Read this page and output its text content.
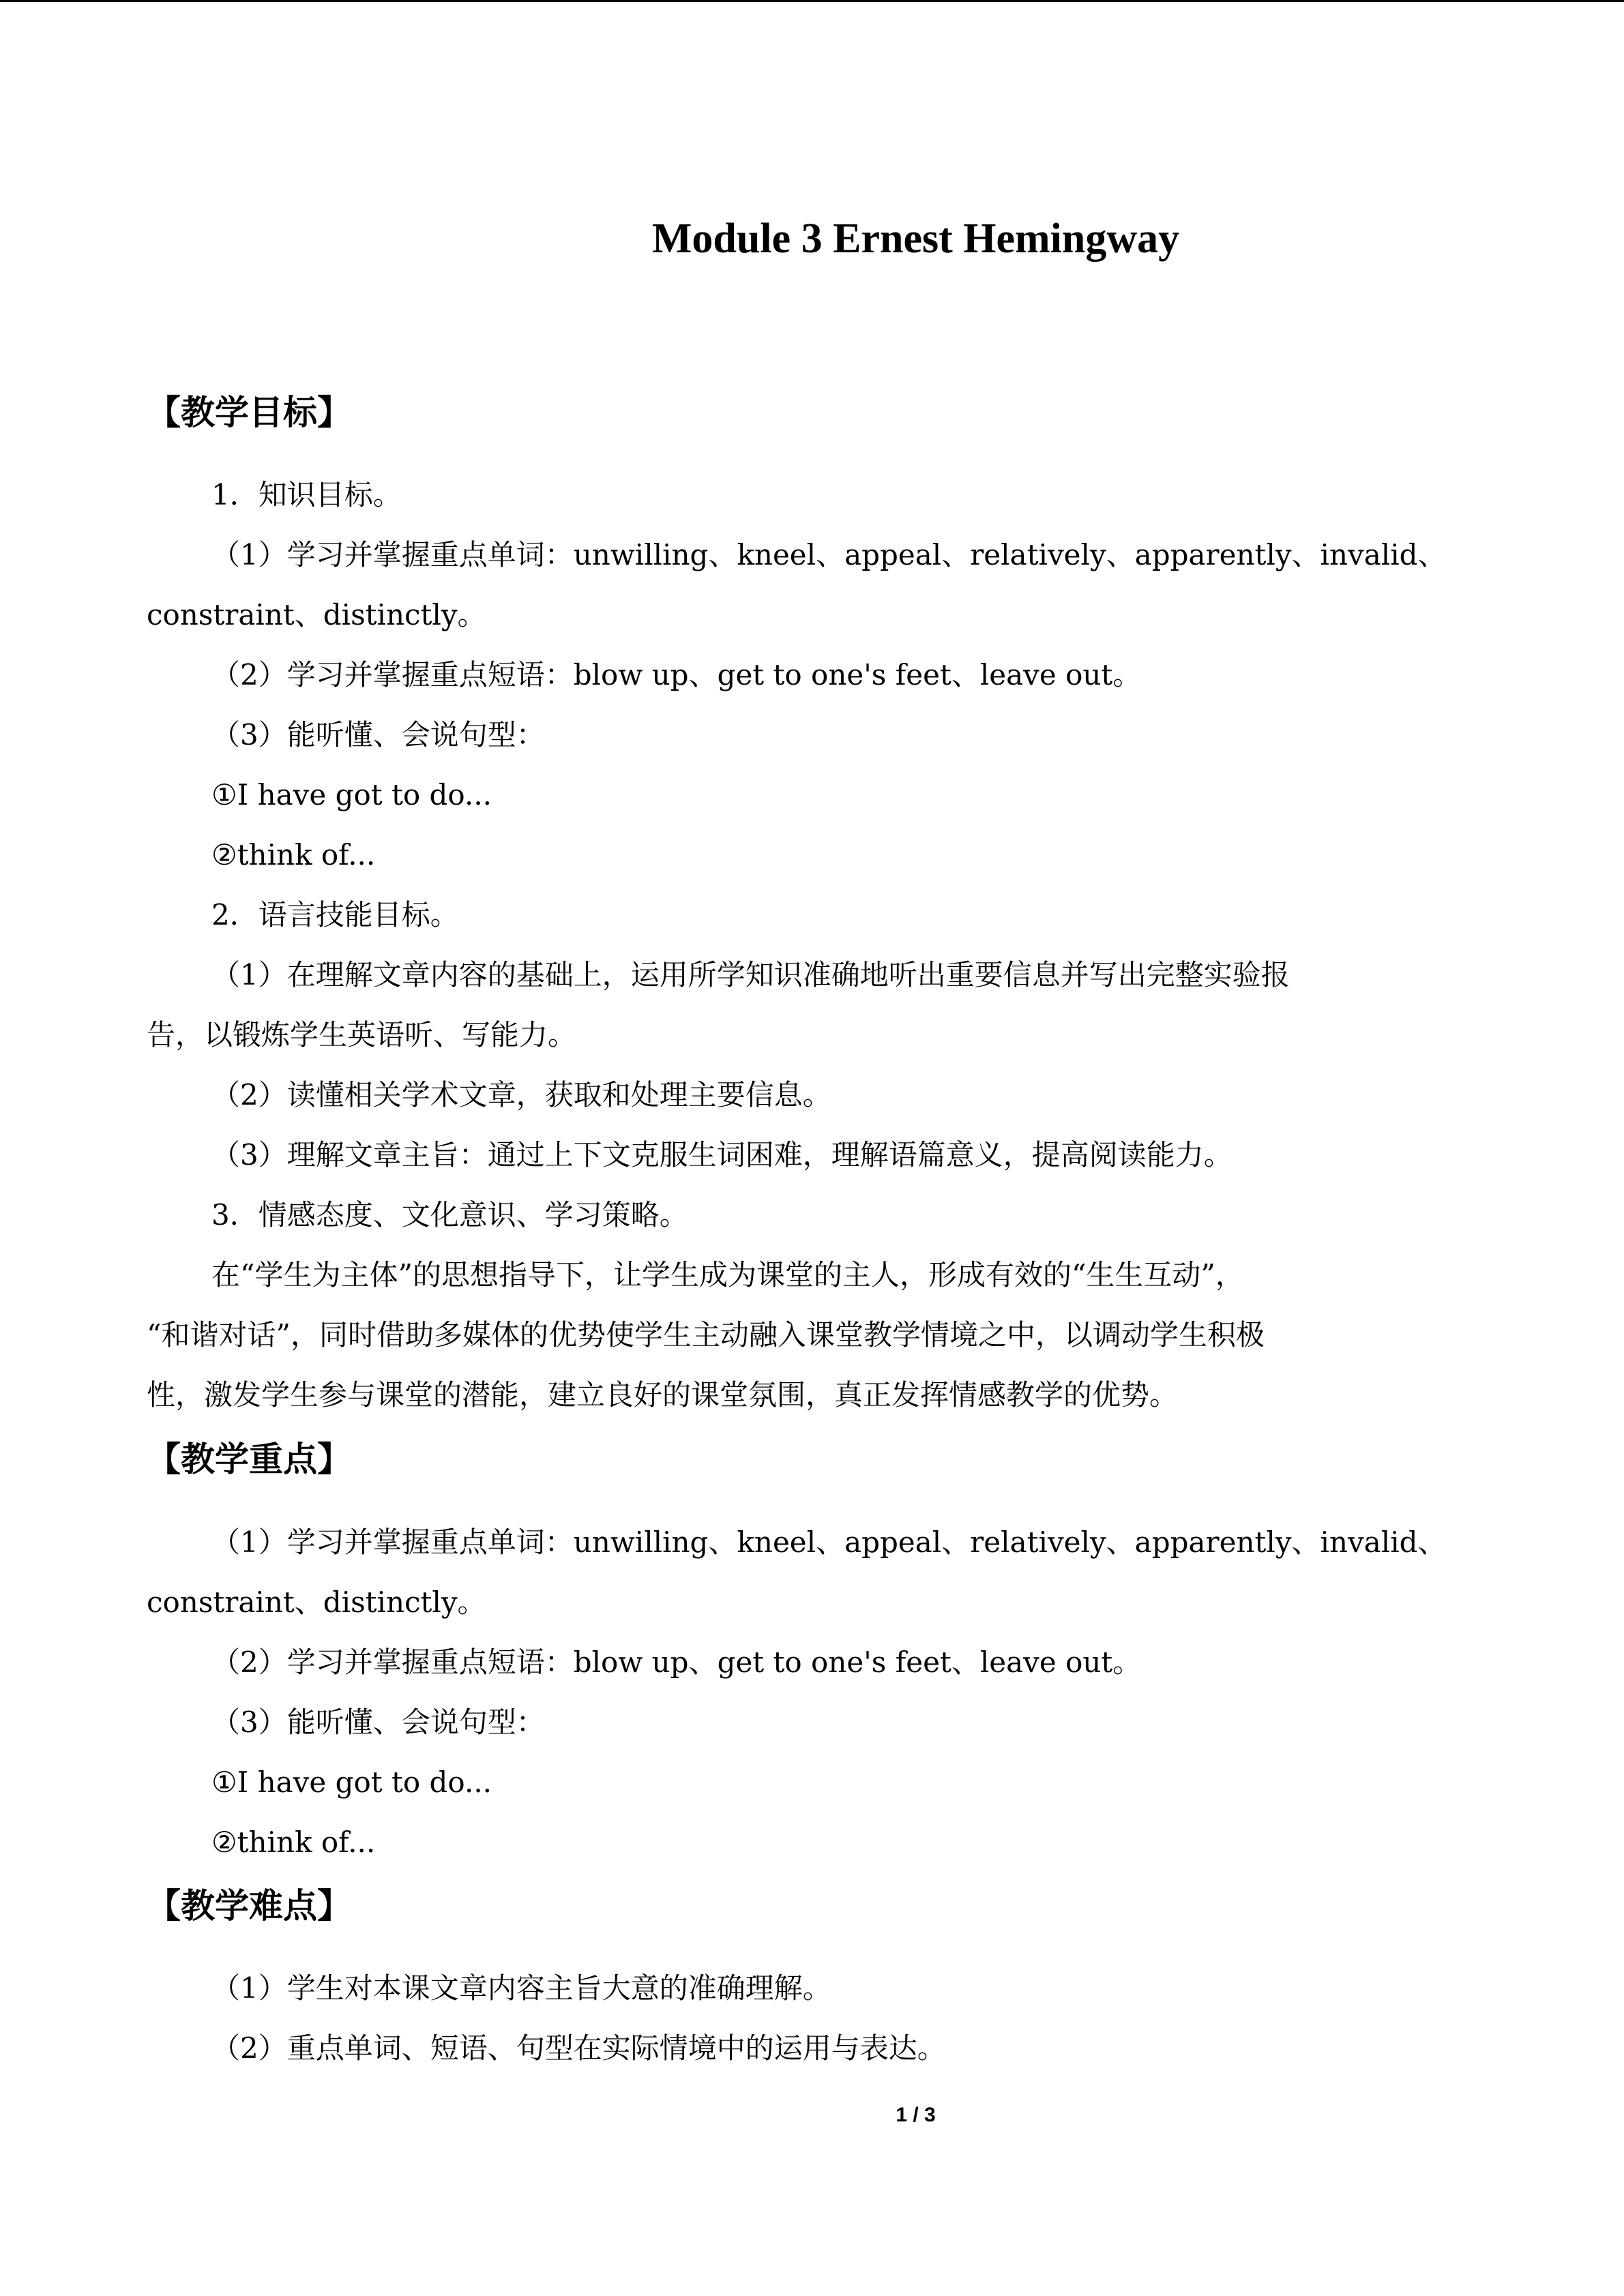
Module 3 Ernest Hemingway
【教学目标】
1．知识目标。
（1）学习并掌握重点单词：unwilling、kneel、appeal、relatively、apparently、invalid、
constraint、distinctly。
（2）学习并掌握重点短语：blow up、get to one's feet、leave out。
（3）能听懂、会说句型：
①I have got to do...
②think of...
2．语言技能目标。
（1）在理解文章内容的基础上，运用所学知识准确地听出重要信息并写出完整实验报
告，以锻炼学生英语听、写能力。
（2）读懂相关学术文章，获取和处理主要信息。
（3）理解文章主旨：通过上下文克服生词困难，理解语篇意义，提高阅读能力。
3．情感态度、文化意识、学习策略。
在“学生为主体”的思想指导下，让学生成为课堂的主人，形成有效的“生生互动”，
“和谐对话”，同时借助多媒体的优势使学生主动融入课堂教学情境之中，以调动学生积极
性，激发学生参与课堂的潜能，建立良好的课堂氛围，真正发挥情感教学的优势。
【教学重点】
（1）学习并掌握重点单词：unwilling、kneel、appeal、relatively、apparently、invalid、
constraint、distinctly。
（2）学习并掌握重点短语：blow up、get to one's feet、leave out。
（3）能听懂、会说句型：
①I have got to do...
②think of...
【教学难点】
（1）学生对本课文章内容主旨大意的准确理解。
（2）重点单词、短语、句型在实际情境中的运用与表达。
1 / 3
